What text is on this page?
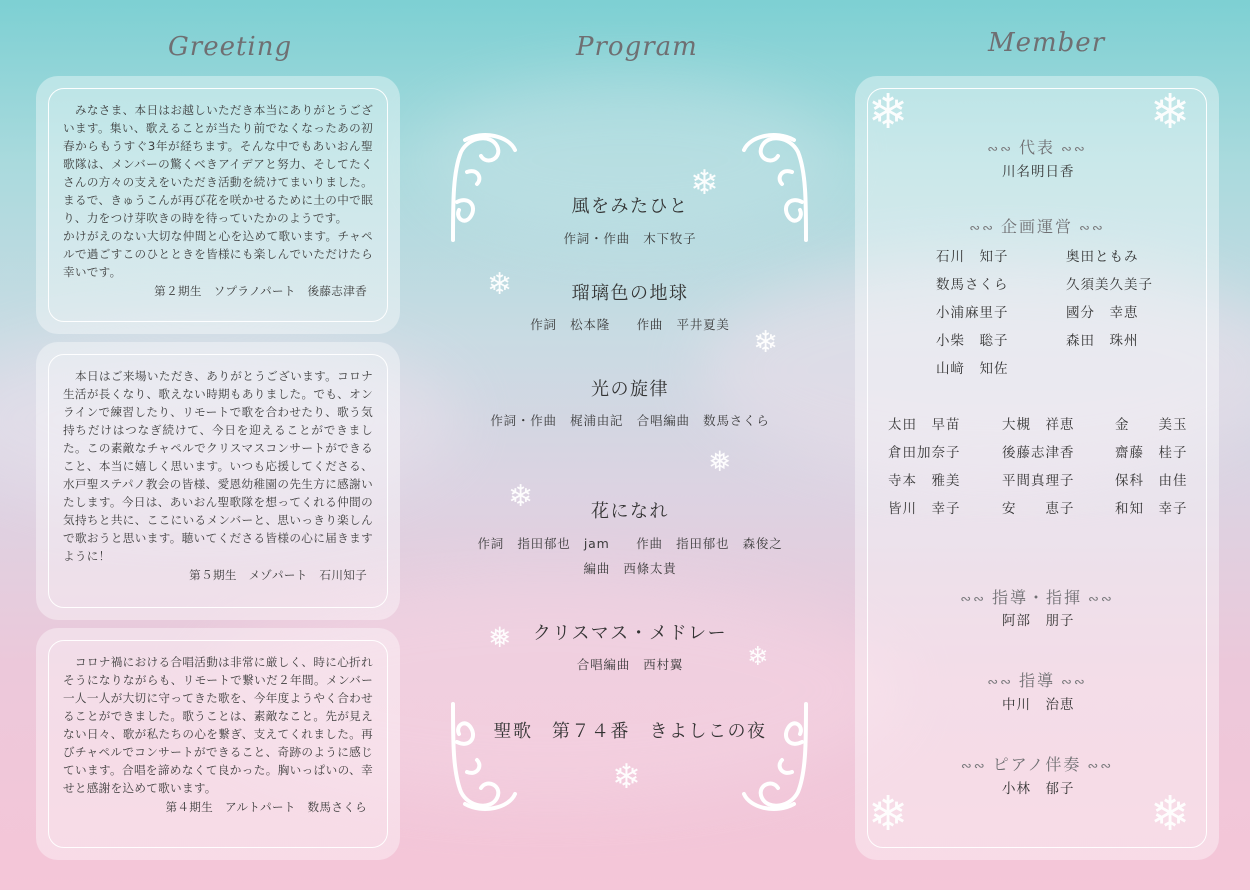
Greeting	Program	Member

　みなさま、本日はお越しいただき本当にありがとうございます。集い、歌えることが当たり前でなくなったあの初春からもうすぐ3年が経ちます。そんな中でもあいおん聖歌隊は、メンバーの驚くべきアイデアと努力、そしてたくさんの方々の支えをいただき活動を続けてまいりました。まるで、きゅうこんが再び花を咲かせるために土の中で眠り、力をつけ芽吹きの時を待っていたかのようです。
かけがえのない大切な仲間と心を込めて歌います。チャペルで過ごすこのひとときを皆様にも楽しんでいただけたら幸いです。

第２期生　ソプラノパート　後藤志津香

　本日はご来場いただき、ありがとうございます。コロナ生活が長くなり、歌えない時期もありました。でも、オンラインで練習したり、リモートで歌を合わせたり、歌う気持ちだけはつなぎ続けて、今日を迎えることができました。この素敵なチャペルでクリスマスコンサートができること、本当に嬉しく思います。いつも応援してくださる、水戸聖ステパノ教会の皆様、愛恩幼稚園の先生方に感謝いたします。今日は、あいおん聖歌隊を想ってくれる仲間の気持ちと共に、ここにいるメンバーと、思いっきり楽しんで歌おうと思います。聴いてくださる皆様の心に届きますように！

第５期生　メゾパート　石川知子

　コロナ禍における合唱活動は非常に厳しく、時に心折れそうになりながらも、リモートで繋いだ２年間。メンバー一人一人が大切に守ってきた歌を、今年度ようやく合わせることができました。歌うことは、素敵なこと。先が見えない日々、歌が私たちの心を繋ぎ、支えてくれました。再びチャペルでコンサートができること、奇跡のように感じています。合唱を諦めなくて良かった。胸いっぱいの、幸せと感謝を込めて歌います。

第４期生　アルトパート　数馬さくら
❄
❄
❄
❅
❄
❅
❄
❄
風をみたひと
作詞・作曲　木下牧子
瑠璃色の地球
作詞　松本隆　　作曲　平井夏美
光の旋律
作詞・作曲　梶浦由記　合唱編曲　数馬さくら
花になれ
作詞　指田郁也　jam　　作曲　指田郁也　森俊之
編曲　西條太貴
クリスマス・メドレー
合唱編曲　西村翼
聖歌　第７４番　きよしこの夜
❄	❄
❄	❄
∾∾ 代表 ∾∾
川名明日香
∾∾ 企画運営 ∾∾
石川　知子	奥田ともみ
数馬さくら	久須美久美子
小浦麻里子	國分　幸恵
小柴　聡子	森田　珠州
山﨑　知佐
太田　早苗	大槻　祥恵	金　　美玉
倉田加奈子	後藤志津香	齋藤　桂子
寺本　雅美	平間真理子	保科　由佳
皆川　幸子	安　　恵子	和知　幸子
∾∾ 指導・指揮 ∾∾
阿部　朋子
∾∾ 指導 ∾∾
中川　治恵
∾∾ ピアノ伴奏 ∾∾
小林　郁子
